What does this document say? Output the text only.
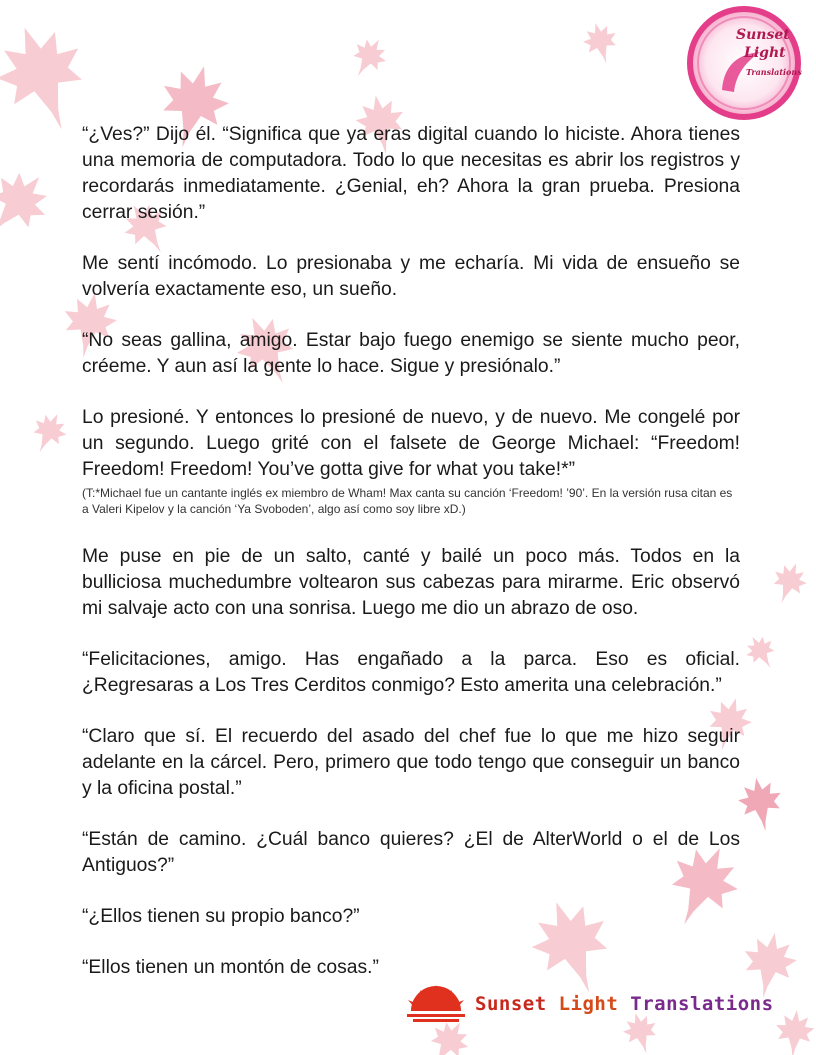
Sunset
Light
Translations

“¿Ves?” Dijo él. “Significa que ya eras digital cuando lo hiciste. Ahora tienes una memoria de computadora. Todo lo que necesitas es abrir los registros y recordarás inmediatamente. ¿Genial, eh? Ahora la gran prueba. Presiona cerrar sesión.”

Me sentí incómodo. Lo presionaba y me echaría. Mi vida de ensueño se volvería exactamente eso, un sueño.

“No seas gallina, amigo. Estar bajo fuego enemigo se siente mucho peor, créeme. Y aun así la gente lo hace. Sigue y presiónalo.”

Lo presioné. Y entonces lo presioné de nuevo, y de nuevo. Me congelé por un segundo. Luego grité con el falsete de George Michael: “Freedom! Freedom! Freedom! You’ve gotta give for what you take!*”

(T:*Michael fue un cantante inglés ex miembro de Wham! Max canta su canción ‘Freedom! ’90’. En la versión rusa citan es a Valeri Kipelov y la canción ‘Ya Svoboden’, algo así como soy libre xD.)

Me puse en pie de un salto, canté y bailé un poco más. Todos en la bulliciosa muchedumbre voltearon sus cabezas para mirarme. Eric observó mi salvaje acto con una sonrisa. Luego me dio un abrazo de oso.

“Felicitaciones, amigo. Has engañado a la parca. Eso es oficial. ¿Regresaras a Los Tres Cerditos conmigo? Esto amerita una celebración.”

“Claro que sí. El recuerdo del asado del chef fue lo que me hizo seguir adelante en la cárcel. Pero, primero que todo tengo que conseguir un banco y la oficina postal.”

“Están de camino. ¿Cuál banco quieres? ¿El de AlterWorld o el de Los Antiguos?”

“¿Ellos tienen su propio banco?”

“Ellos tienen un montón de cosas.”

Sunset Light Translations
